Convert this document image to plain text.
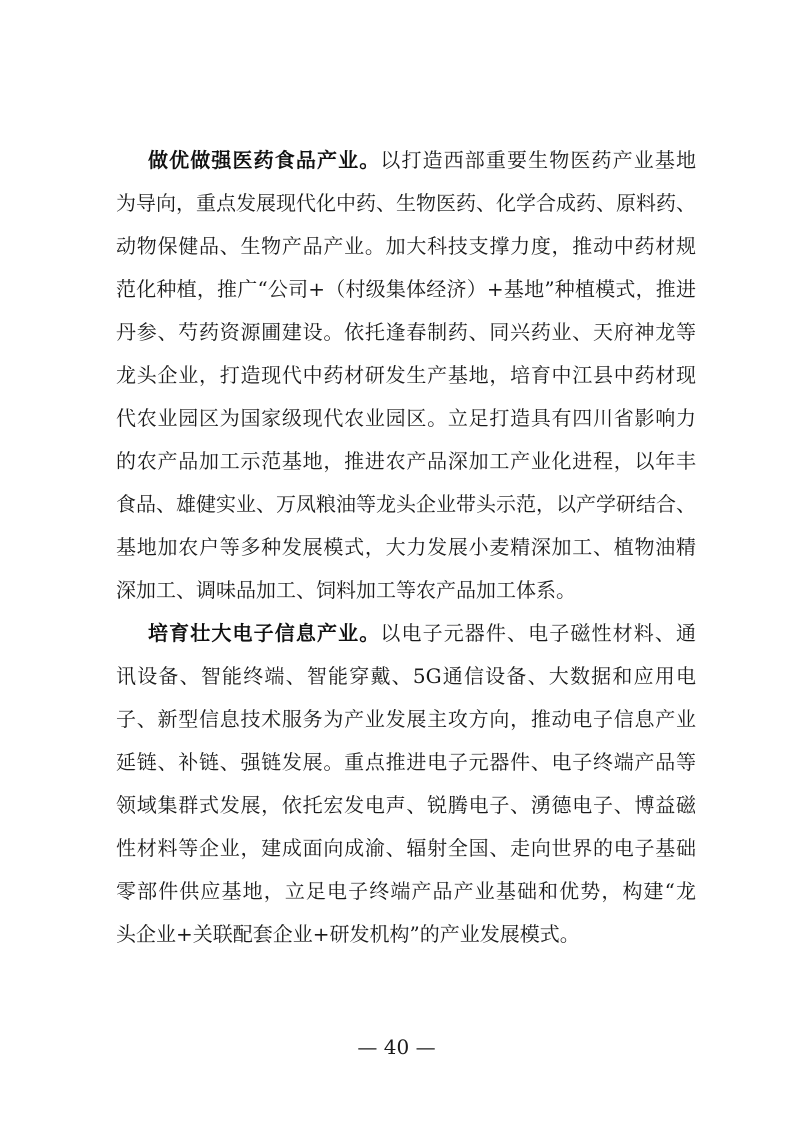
做优做强医药食品产业。以打造西部重要生物医药产业基地
为导向，重点发展现代化中药、生物医药、化学合成药、原料药、
动物保健品、生物产品产业。加大科技支撑力度，推动中药材规
范化种植，推广“公司+（村级集体经济）+基地”种植模式，推进
丹参、芍药资源圃建设。依托逢春制药、同兴药业、天府神龙等
龙头企业，打造现代中药材研发生产基地，培育中江县中药材现
代农业园区为国家级现代农业园区。立足打造具有四川省影响力
的农产品加工示范基地，推进农产品深加工产业化进程，以年丰
食品、雄健实业、万凤粮油等龙头企业带头示范，以产学研结合、
基地加农户等多种发展模式，大力发展小麦精深加工、植物油精
深加工、调味品加工、饲料加工等农产品加工体系。
培育壮大电子信息产业。以电子元器件、电子磁性材料、通
讯设备、智能终端、智能穿戴、5G通信设备、大数据和应用电
子、新型信息技术服务为产业发展主攻方向，推动电子信息产业
延链、补链、强链发展。重点推进电子元器件、电子终端产品等
领域集群式发展，依托宏发电声、锐腾电子、湧德电子、博益磁
性材料等企业，建成面向成渝、辐射全国、走向世界的电子基础
零部件供应基地，立足电子终端产品产业基础和优势，构建“龙
头企业+关联配套企业+研发机构”的产业发展模式。
— 40 —
